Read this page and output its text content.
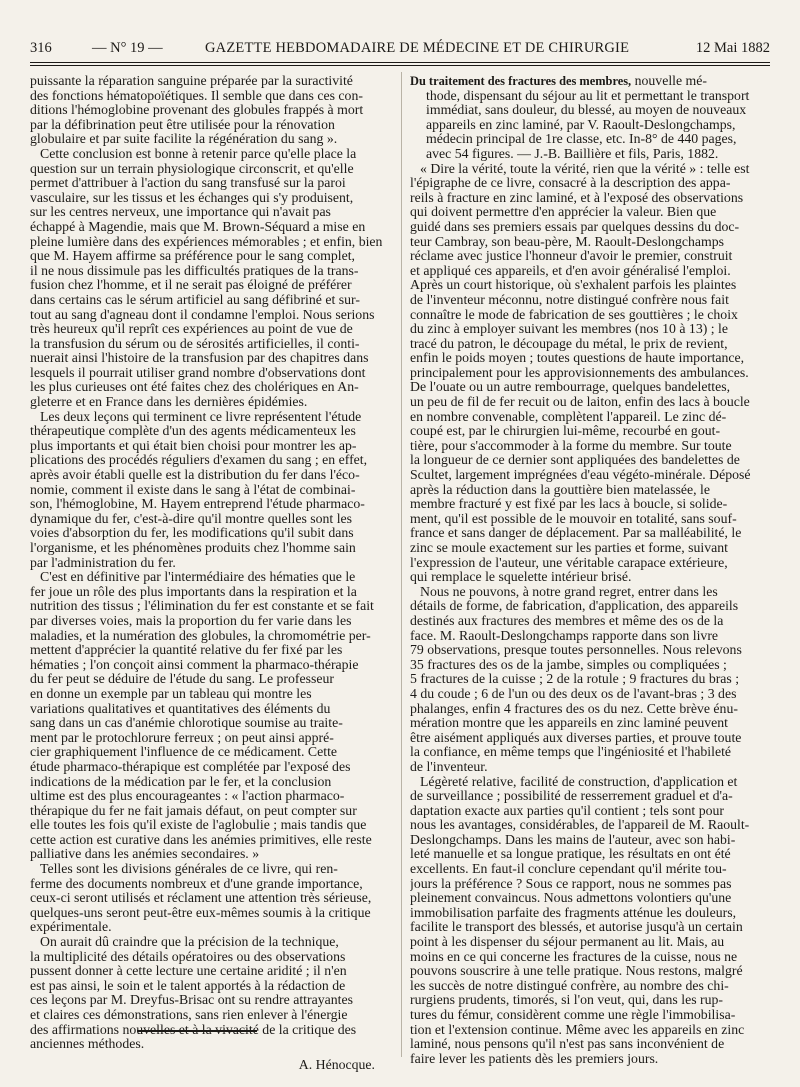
316	— N° 19 —	GAZETTE HEBDOMADAIRE DE MÉDECINE ET DE CHIRURGIE	12 Mai 1882
puissante la réparation sanguine préparée par la suractivité
des fonctions hématopoïétiques. Il semble que dans ces con-
ditions l'hémoglobine provenant des globules frappés à mort
par la défibrination peut être utilisée pour la rénovation
globulaire et par suite facilite la régénération du sang ».
Cette conclusion est bonne à retenir parce qu'elle place la
question sur un terrain physiologique circonscrit, et qu'elle
permet d'attribuer à l'action du sang transfusé sur la paroi
vasculaire, sur les tissus et les échanges qui s'y produisent,
sur les centres nerveux, une importance qui n'avait pas
échappé à Magendie, mais que M. Brown-Séquard a mise en
pleine lumière dans des expériences mémorables ; et enfin, bien
que M. Hayem affirme sa préférence pour le sang complet,
il ne nous dissimule pas les difficultés pratiques de la trans-
fusion chez l'homme, et il ne serait pas éloigné de préférer
dans certains cas le sérum artificiel au sang défibriné et sur-
tout au sang d'agneau dont il condamne l'emploi. Nous serions
très heureux qu'il reprît ces expériences au point de vue de
la transfusion du sérum ou de sérosités artificielles, il conti-
nuerait ainsi l'histoire de la transfusion par des chapitres dans
lesquels il pourrait utiliser grand nombre d'observations dont
les plus curieuses ont été faites chez des cholériques en An-
gleterre et en France dans les dernières épidémies.
Les deux leçons qui terminent ce livre représentent l'étude
thérapeutique complète d'un des agents médicamenteux les
plus importants et qui était bien choisi pour montrer les ap-
plications des procédés réguliers d'examen du sang ; en effet,
après avoir établi quelle est la distribution du fer dans l'éco-
nomie, comment il existe dans le sang à l'état de combinai-
son, l'hémoglobine, M. Hayem entreprend l'étude pharmaco-
dynamique du fer, c'est-à-dire qu'il montre quelles sont les
voies d'absorption du fer, les modifications qu'il subit dans
l'organisme, et les phénomènes produits chez l'homme sain
par l'administration du fer.
C'est en définitive par l'intermédiaire des hématies que le
fer joue un rôle des plus importants dans la respiration et la
nutrition des tissus ; l'élimination du fer est constante et se fait
par diverses voies, mais la proportion du fer varie dans les
maladies, et la numération des globules, la chromométrie per-
mettent d'apprécier la quantité relative du fer fixé par les
hématies ; l'on conçoit ainsi comment la pharmaco-thérapie
du fer peut se déduire de l'étude du sang. Le professeur
en donne un exemple par un tableau qui montre les
variations qualitatives et quantitatives des éléments du
sang dans un cas d'anémie chlorotique soumise au traite-
ment par le protochlorure ferreux ; on peut ainsi appré-
cier graphiquement l'influence de ce médicament. Cette
étude pharmaco-thérapique est complétée par l'exposé des
indications de la médication par le fer, et la conclusion
ultime est des plus encourageantes : « l'action pharmaco-
thérapique du fer ne fait jamais défaut, on peut compter sur
elle toutes les fois qu'il existe de l'aglobulie ; mais tandis que
cette action est curative dans les anémies primitives, elle reste
palliative dans les anémies secondaires. »
Telles sont les divisions générales de ce livre, qui ren-
ferme des documents nombreux et d'une grande importance,
ceux-ci seront utilisés et réclament une attention très sérieuse,
quelques-uns seront peut-être eux-mêmes soumis à la critique
expérimentale.
On aurait dû craindre que la précision de la technique,
la multiplicité des détails opératoires ou des observations
pussent donner à cette lecture une certaine aridité ; il n'en
est pas ainsi, le soin et le talent apportés à la rédaction de
ces leçons par M. Dreyfus-Brisac ont su rendre attrayantes
et claires ces démonstrations, sans rien enlever à l'énergie
des affirmations nouvelles et à la vivacité de la critique des
anciennes méthodes.
A. Hénocque.
Du traitement des fractures des membres, nouvelle mé-
thode, dispensant du séjour au lit et permettant le transport
immédiat, sans douleur, du blessé, au moyen de nouveaux
appareils en zinc laminé, par V. Raoult-Deslongchamps,
médecin principal de 1re classe, etc. In-8° de 440 pages,
avec 54 figures. — J.-B. Baillière et fils, Paris, 1882.
« Dire la vérité, toute la vérité, rien que la vérité » : telle est
l'épigraphe de ce livre, consacré à la description des appa-
reils à fracture en zinc laminé, et à l'exposé des observations
qui doivent permettre d'en apprécier la valeur. Bien que
guidé dans ses premiers essais par quelques dessins du doc-
teur Cambray, son beau-père, M. Raoult-Deslongchamps
réclame avec justice l'honneur d'avoir le premier, construit
et appliqué ces appareils, et d'en avoir généralisé l'emploi.
Après un court historique, où s'exhalent parfois les plaintes
de l'inventeur méconnu, notre distingué confrère nous fait
connaître le mode de fabrication de ses gouttières ; le choix
du zinc à employer suivant les membres (nos 10 à 13) ; le
tracé du patron, le découpage du métal, le prix de revient,
enfin le poids moyen ; toutes questions de haute importance,
principalement pour les approvisionnements des ambulances.
De l'ouate ou un autre rembourrage, quelques bandelettes,
un peu de fil de fer recuit ou de laiton, enfin des lacs à boucle
en nombre convenable, complètent l'appareil. Le zinc dé-
coupé est, par le chirurgien lui-même, recourbé en gout-
tière, pour s'accommoder à la forme du membre. Sur toute
la longueur de ce dernier sont appliquées des bandelettes de
Scultet, largement imprégnées d'eau végéto-minérale. Déposé
après la réduction dans la gouttière bien matelassée, le
membre fracturé y est fixé par les lacs à boucle, si solide-
ment, qu'il est possible de le mouvoir en totalité, sans souf-
france et sans danger de déplacement. Par sa malléabilité, le
zinc se moule exactement sur les parties et forme, suivant
l'expression de l'auteur, une véritable carapace extérieure,
qui remplace le squelette intérieur brisé.
Nous ne pouvons, à notre grand regret, entrer dans les
détails de forme, de fabrication, d'application, des appareils
destinés aux fractures des membres et même des os de la
face. M. Raoult-Deslongchamps rapporte dans son livre
79 observations, presque toutes personnelles. Nous relevons
35 fractures des os de la jambe, simples ou compliquées ;
5 fractures de la cuisse ; 2 de la rotule ; 9 fractures du bras ;
4 du coude ; 6 de l'un ou des deux os de l'avant-bras ; 3 des
phalanges, enfin 4 fractures des os du nez. Cette brève énu-
mération montre que les appareils en zinc laminé peuvent
être aisément appliqués aux diverses parties, et prouve toute
la confiance, en même temps que l'ingéniosité et l'habileté
de l'inventeur.
Légèreté relative, facilité de construction, d'application et
de surveillance ; possibilité de resserrement graduel et d'a-
daptation exacte aux parties qu'il contient ; tels sont pour
nous les avantages, considérables, de l'appareil de M. Raoult-
Deslongchamps. Dans les mains de l'auteur, avec son habi-
leté manuelle et sa longue pratique, les résultats en ont été
excellents. En faut-il conclure cependant qu'il mérite tou-
jours la préférence ? Sous ce rapport, nous ne sommes pas
pleinement convaincus. Nous admettons volontiers qu'une
immobilisation parfaite des fragments atténue les douleurs,
facilite le transport des blessés, et autorise jusqu'à un certain
point à les dispenser du séjour permanent au lit. Mais, au
moins en ce qui concerne les fractures de la cuisse, nous ne
pouvons souscrire à une telle pratique. Nous restons, malgré
les succès de notre distingué confrère, au nombre des chi-
rurgiens prudents, timorés, si l'on veut, qui, dans les rup-
tures du fémur, considèrent comme une règle l'immobilisa-
tion et l'extension continue. Même avec les appareils en zinc
laminé, nous pensons qu'il n'est pas sans inconvénient de
faire lever les patients dès les premiers jours.
